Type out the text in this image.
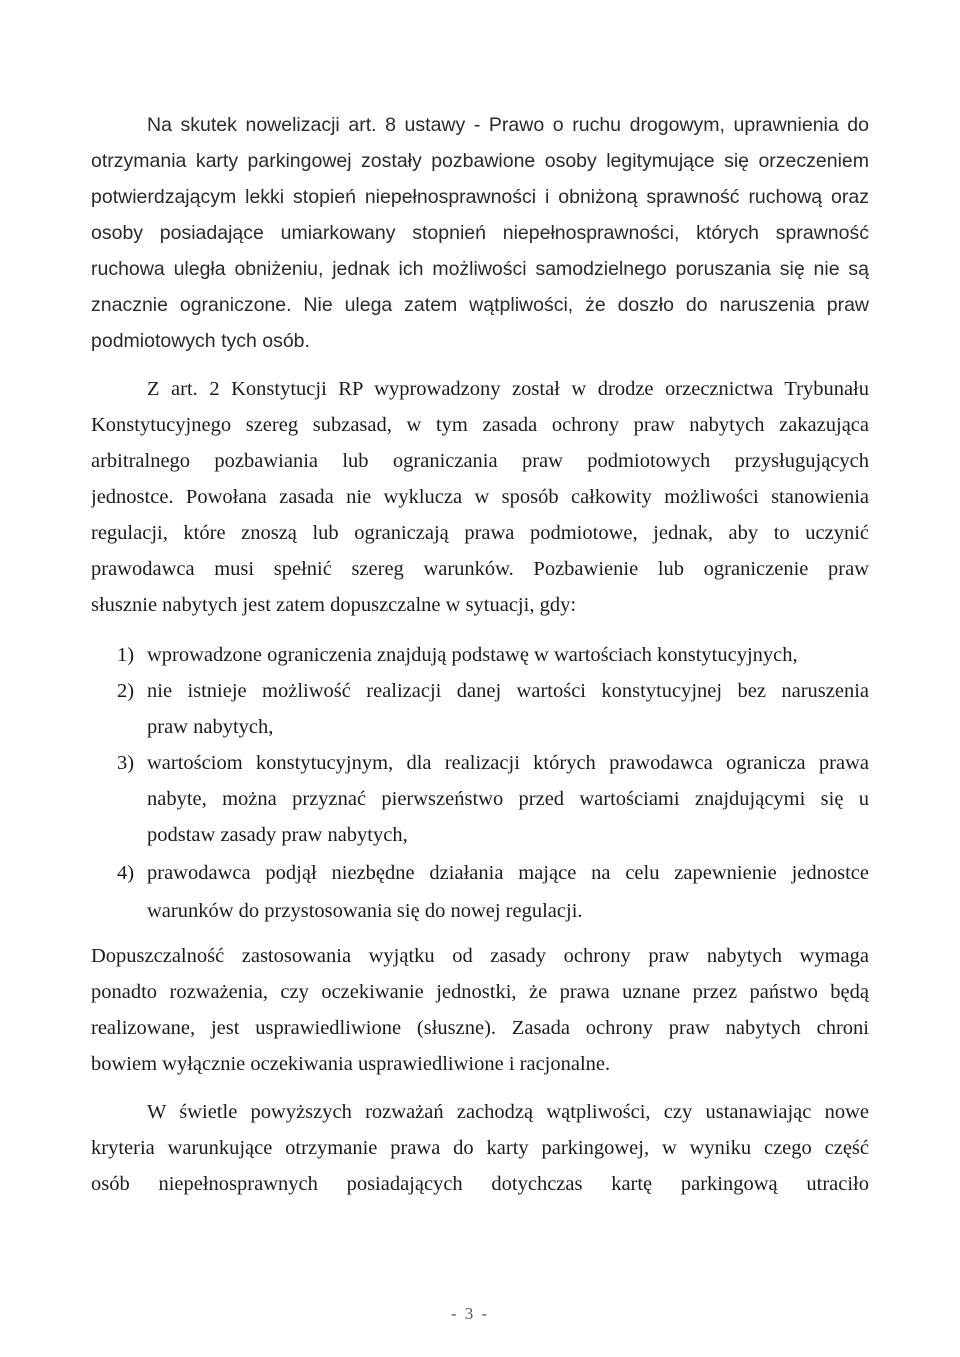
Na skutek nowelizacji art. 8 ustawy - Prawo o ruchu drogowym, uprawnienia do
otrzymania karty parkingowej zostały pozbawione osoby legitymujące się orzeczeniem
potwierdzającym lekki stopień niepełnosprawności i obniżoną sprawność ruchową oraz
osoby posiadające umiarkowany stopnień niepełnosprawności, których sprawność
ruchowa uległa obniżeniu, jednak ich możliwości samodzielnego poruszania się nie są
znacznie ograniczone. Nie ulega zatem wątpliwości, że doszło do naruszenia praw
podmiotowych tych osób.
Z art. 2 Konstytucji RP wyprowadzony został w drodze orzecznictwa Trybunału
Konstytucyjnego szereg subzasad, w tym zasada ochrony praw nabytych zakazująca
arbitralnego pozbawiania lub ograniczania praw podmiotowych przysługujących
jednostce. Powołana zasada nie wyklucza w sposób całkowity możliwości stanowienia
regulacji, które znoszą lub ograniczają prawa podmiotowe, jednak, aby to uczynić
prawodawca musi spełnić szereg warunków. Pozbawienie lub ograniczenie praw
słusznie nabytych jest zatem dopuszczalne w sytuacji, gdy:
1) wprowadzone ograniczenia znajdują podstawę w wartościach konstytucyjnych,
2) nie istnieje możliwość realizacji danej wartości konstytucyjnej bez naruszenia
praw nabytych,
3) wartościom konstytucyjnym, dla realizacji których prawodawca ogranicza prawa
nabyte, można przyznać pierwszeństwo przed wartościami znajdującymi się u
podstaw zasady praw nabytych,
4) prawodawca podjął niezbędne działania mające na celu zapewnienie jednostce
warunków do przystosowania się do nowej regulacji.
Dopuszczalność zastosowania wyjątku od zasady ochrony praw nabytych wymaga
ponadto rozważenia, czy oczekiwanie jednostki, że prawa uznane przez państwo będą
realizowane, jest usprawiedliwione (słuszne). Zasada ochrony praw nabytych chroni
bowiem wyłącznie oczekiwania usprawiedliwione i racjonalne.
W świetle powyższych rozważań zachodzą wątpliwości, czy ustanawiając nowe
kryteria warunkujące otrzymanie prawa do karty parkingowej, w wyniku czego część
osób niepełnosprawnych posiadających dotychczas kartę parkingową utraciło
- 3 -
